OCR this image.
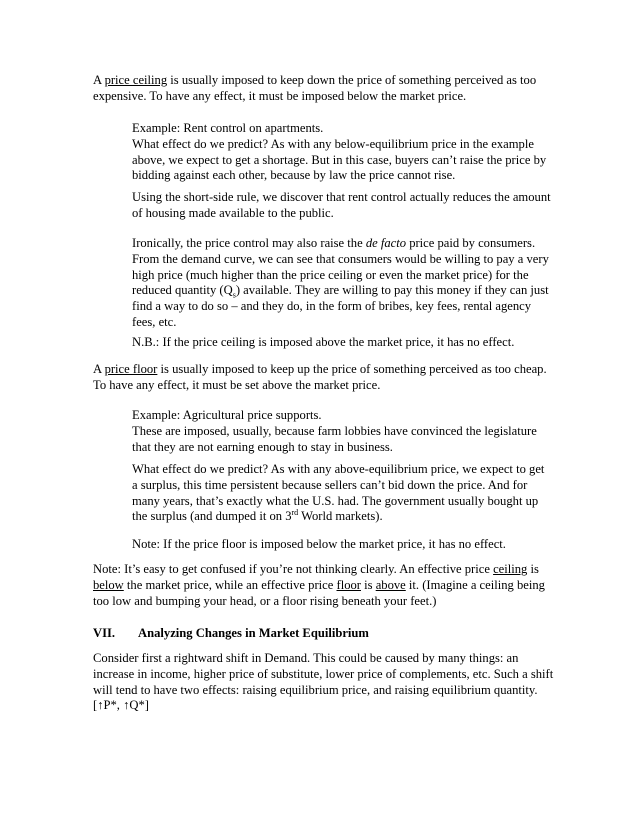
A price ceiling is usually imposed to keep down the price of something perceived as too expensive. To have any effect, it must be imposed below the market price.

Example: Rent control on apartments.
What effect do we predict? As with any below-equilibrium price in the example above, we expect to get a shortage. But in this case, buyers can’t raise the price by bidding against each other, because by law the price cannot rise.

Using the short-side rule, we discover that rent control actually reduces the amount of housing made available to the public.

Ironically, the price control may also raise the de facto price paid by consumers. From the demand curve, we can see that consumers would be willing to pay a very high price (much higher than the price ceiling or even the market price) for the reduced quantity $(Q_s)$ available. They are willing to pay this money if they can just find a way to do so – and they do, in the form of bribes, key fees, rental agency fees, etc.

N.B.: If the price ceiling is imposed above the market price, it has no effect.

A price floor is usually imposed to keep up the price of something perceived as too cheap. To have any effect, it must be set above the market price.

Example: Agricultural price supports.
These are imposed, usually, because farm lobbies have convinced the legislature that they are not earning enough to stay in business.

What effect do we predict? As with any above-equilibrium price, we expect to get a surplus, this time persistent because sellers can’t bid down the price. And for many years, that’s exactly what the U.S. had. The government usually bought up the surplus (and dumped it on 3rd World markets).

Note: If the price floor is imposed below the market price, it has no effect.

Note: It’s easy to get confused if you’re not thinking clearly. An effective price ceiling is below the market price, while an effective price floor is above it. (Imagine a ceiling being too low and bumping your head, or a floor rising beneath your feet.)

VII. Analyzing Changes in Market Equilibrium

Consider first a rightward shift in Demand. This could be caused by many things: an increase in income, higher price of substitute, lower price of complements, etc. Such a shift will tend to have two effects: raising equilibrium price, and raising equilibrium quantity. [↑P*, ↑Q*]
